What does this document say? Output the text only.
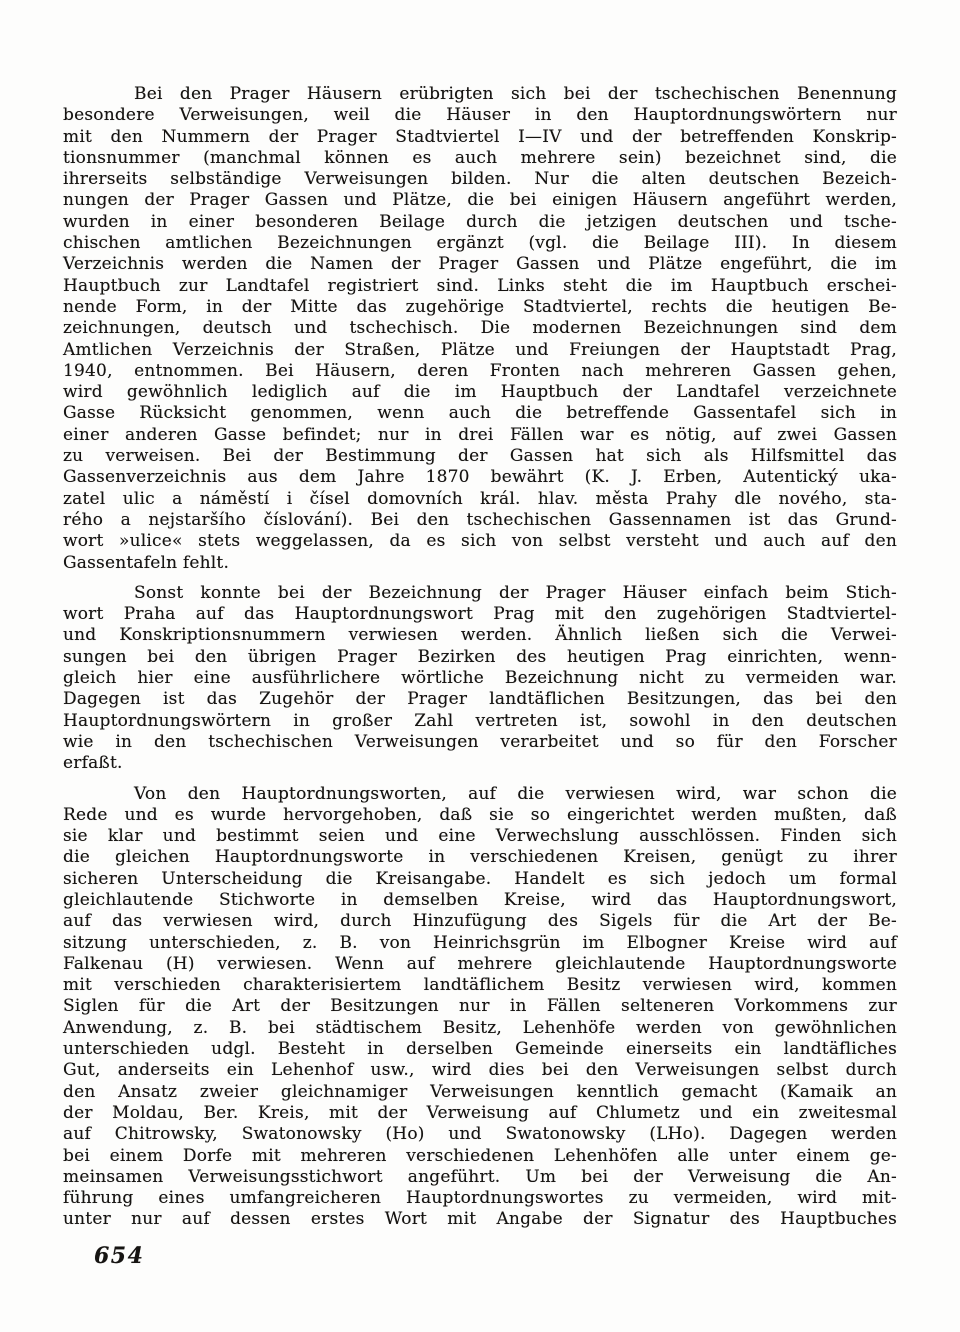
Bei den Prager Häusern erübrigten sich bei der tschechischen Benennung
besondere Verweisungen, weil die Häuser in den Hauptordnungswörtern nur
mit den Nummern der Prager Stadtviertel I—IV und der betreffenden Konskrip-
tionsnummer (manchmal können es auch mehrere sein) bezeichnet sind, die
ihrerseits selbständige Verweisungen bilden. Nur die alten deutschen Bezeich-
nungen der Prager Gassen und Plätze, die bei einigen Häusern angeführt werden,
wurden in einer besonderen Beilage durch die jetzigen deutschen und tsche-
chischen amtlichen Bezeichnungen ergänzt (vgl. die Beilage III). In diesem
Verzeichnis werden die Namen der Prager Gassen und Plätze engeführt, die im
Hauptbuch zur Landtafel registriert sind. Links steht die im Hauptbuch erschei-
nende Form, in der Mitte das zugehörige Stadtviertel, rechts die heutigen Be-
zeichnungen, deutsch und tschechisch. Die modernen Bezeichnungen sind dem
Amtlichen Verzeichnis der Straßen, Plätze und Freiungen der Hauptstadt Prag,
1940, entnommen. Bei Häusern, deren Fronten nach mehreren Gassen gehen,
wird gewöhnlich lediglich auf die im Hauptbuch der Landtafel verzeichnete
Gasse Rücksicht genommen, wenn auch die betreffende Gassentafel sich in
einer anderen Gasse befindet; nur in drei Fällen war es nötig, auf zwei Gassen
zu verweisen. Bei der Bestimmung der Gassen hat sich als Hilfsmittel das
Gassenverzeichnis aus dem Jahre 1870 bewährt (K. J. Erben, Autentický uka-
zatel ulic a náměstí i čísel domovních král. hlav. města Prahy dle nového, sta-
rého a nejstaršího číslování). Bei den tschechischen Gassennamen ist das Grund-
wort »ulice« stets weggelassen, da es sich von selbst versteht und auch auf den
Gassentafeln fehlt.

Sonst konnte bei der Bezeichnung der Prager Häuser einfach beim Stich-
wort Praha auf das Hauptordnungswort Prag mit den zugehörigen Stadtviertel-
und Konskriptionsnummern verwiesen werden. Ähnlich ließen sich die Verwei-
sungen bei den übrigen Prager Bezirken des heutigen Prag einrichten, wenn-
gleich hier eine ausführlichere wörtliche Bezeichnung nicht zu vermeiden war.
Dagegen ist das Zugehör der Prager landtäflichen Besitzungen, das bei den
Hauptordnungswörtern in großer Zahl vertreten ist, sowohl in den deutschen
wie in den tschechischen Verweisungen verarbeitet und so für den Forscher
erfaßt.

Von den Hauptordnungsworten, auf die verwiesen wird, war schon die
Rede und es wurde hervorgehoben, daß sie so eingerichtet werden mußten, daß
sie klar und bestimmt seien und eine Verwechslung ausschlössen. Finden sich
die gleichen Hauptordnungsworte in verschiedenen Kreisen, genügt zu ihrer
sicheren Unterscheidung die Kreisangabe. Handelt es sich jedoch um formal
gleichlautende Stichworte in demselben Kreise, wird das Hauptordnungswort,
auf das verwiesen wird, durch Hinzufügung des Sigels für die Art der Be-
sitzung unterschieden, z. B. von Heinrichsgrün im Elbogner Kreise wird auf
Falkenau (H) verwiesen. Wenn auf mehrere gleichlautende Hauptordnungsworte
mit verschieden charakterisiertem landtäflichem Besitz verwiesen wird, kommen
Siglen für die Art der Besitzungen nur in Fällen selteneren Vorkommens zur
Anwendung, z. B. bei städtischem Besitz, Lehenhöfe werden von gewöhnlichen
unterschieden udgl. Besteht in derselben Gemeinde einerseits ein landtäfliches
Gut, anderseits ein Lehenhof usw., wird dies bei den Verweisungen selbst durch
den Ansatz zweier gleichnamiger Verweisungen kenntlich gemacht (Kamaik an
der Moldau, Ber. Kreis, mit der Verweisung auf Chlumetz und ein zweitesmal
auf Chitrowsky, Swatonowsky (Ho) und Swatonowsky (LHo). Dagegen werden
bei einem Dorfe mit mehreren verschiedenen Lehenhöfen alle unter einem ge-
meinsamen Verweisungsstichwort angeführt. Um bei der Verweisung die An-
führung eines umfangreicheren Hauptordnungswortes zu vermeiden, wird mit-
unter nur auf dessen erstes Wort mit Angabe der Signatur des Hauptbuches

654
